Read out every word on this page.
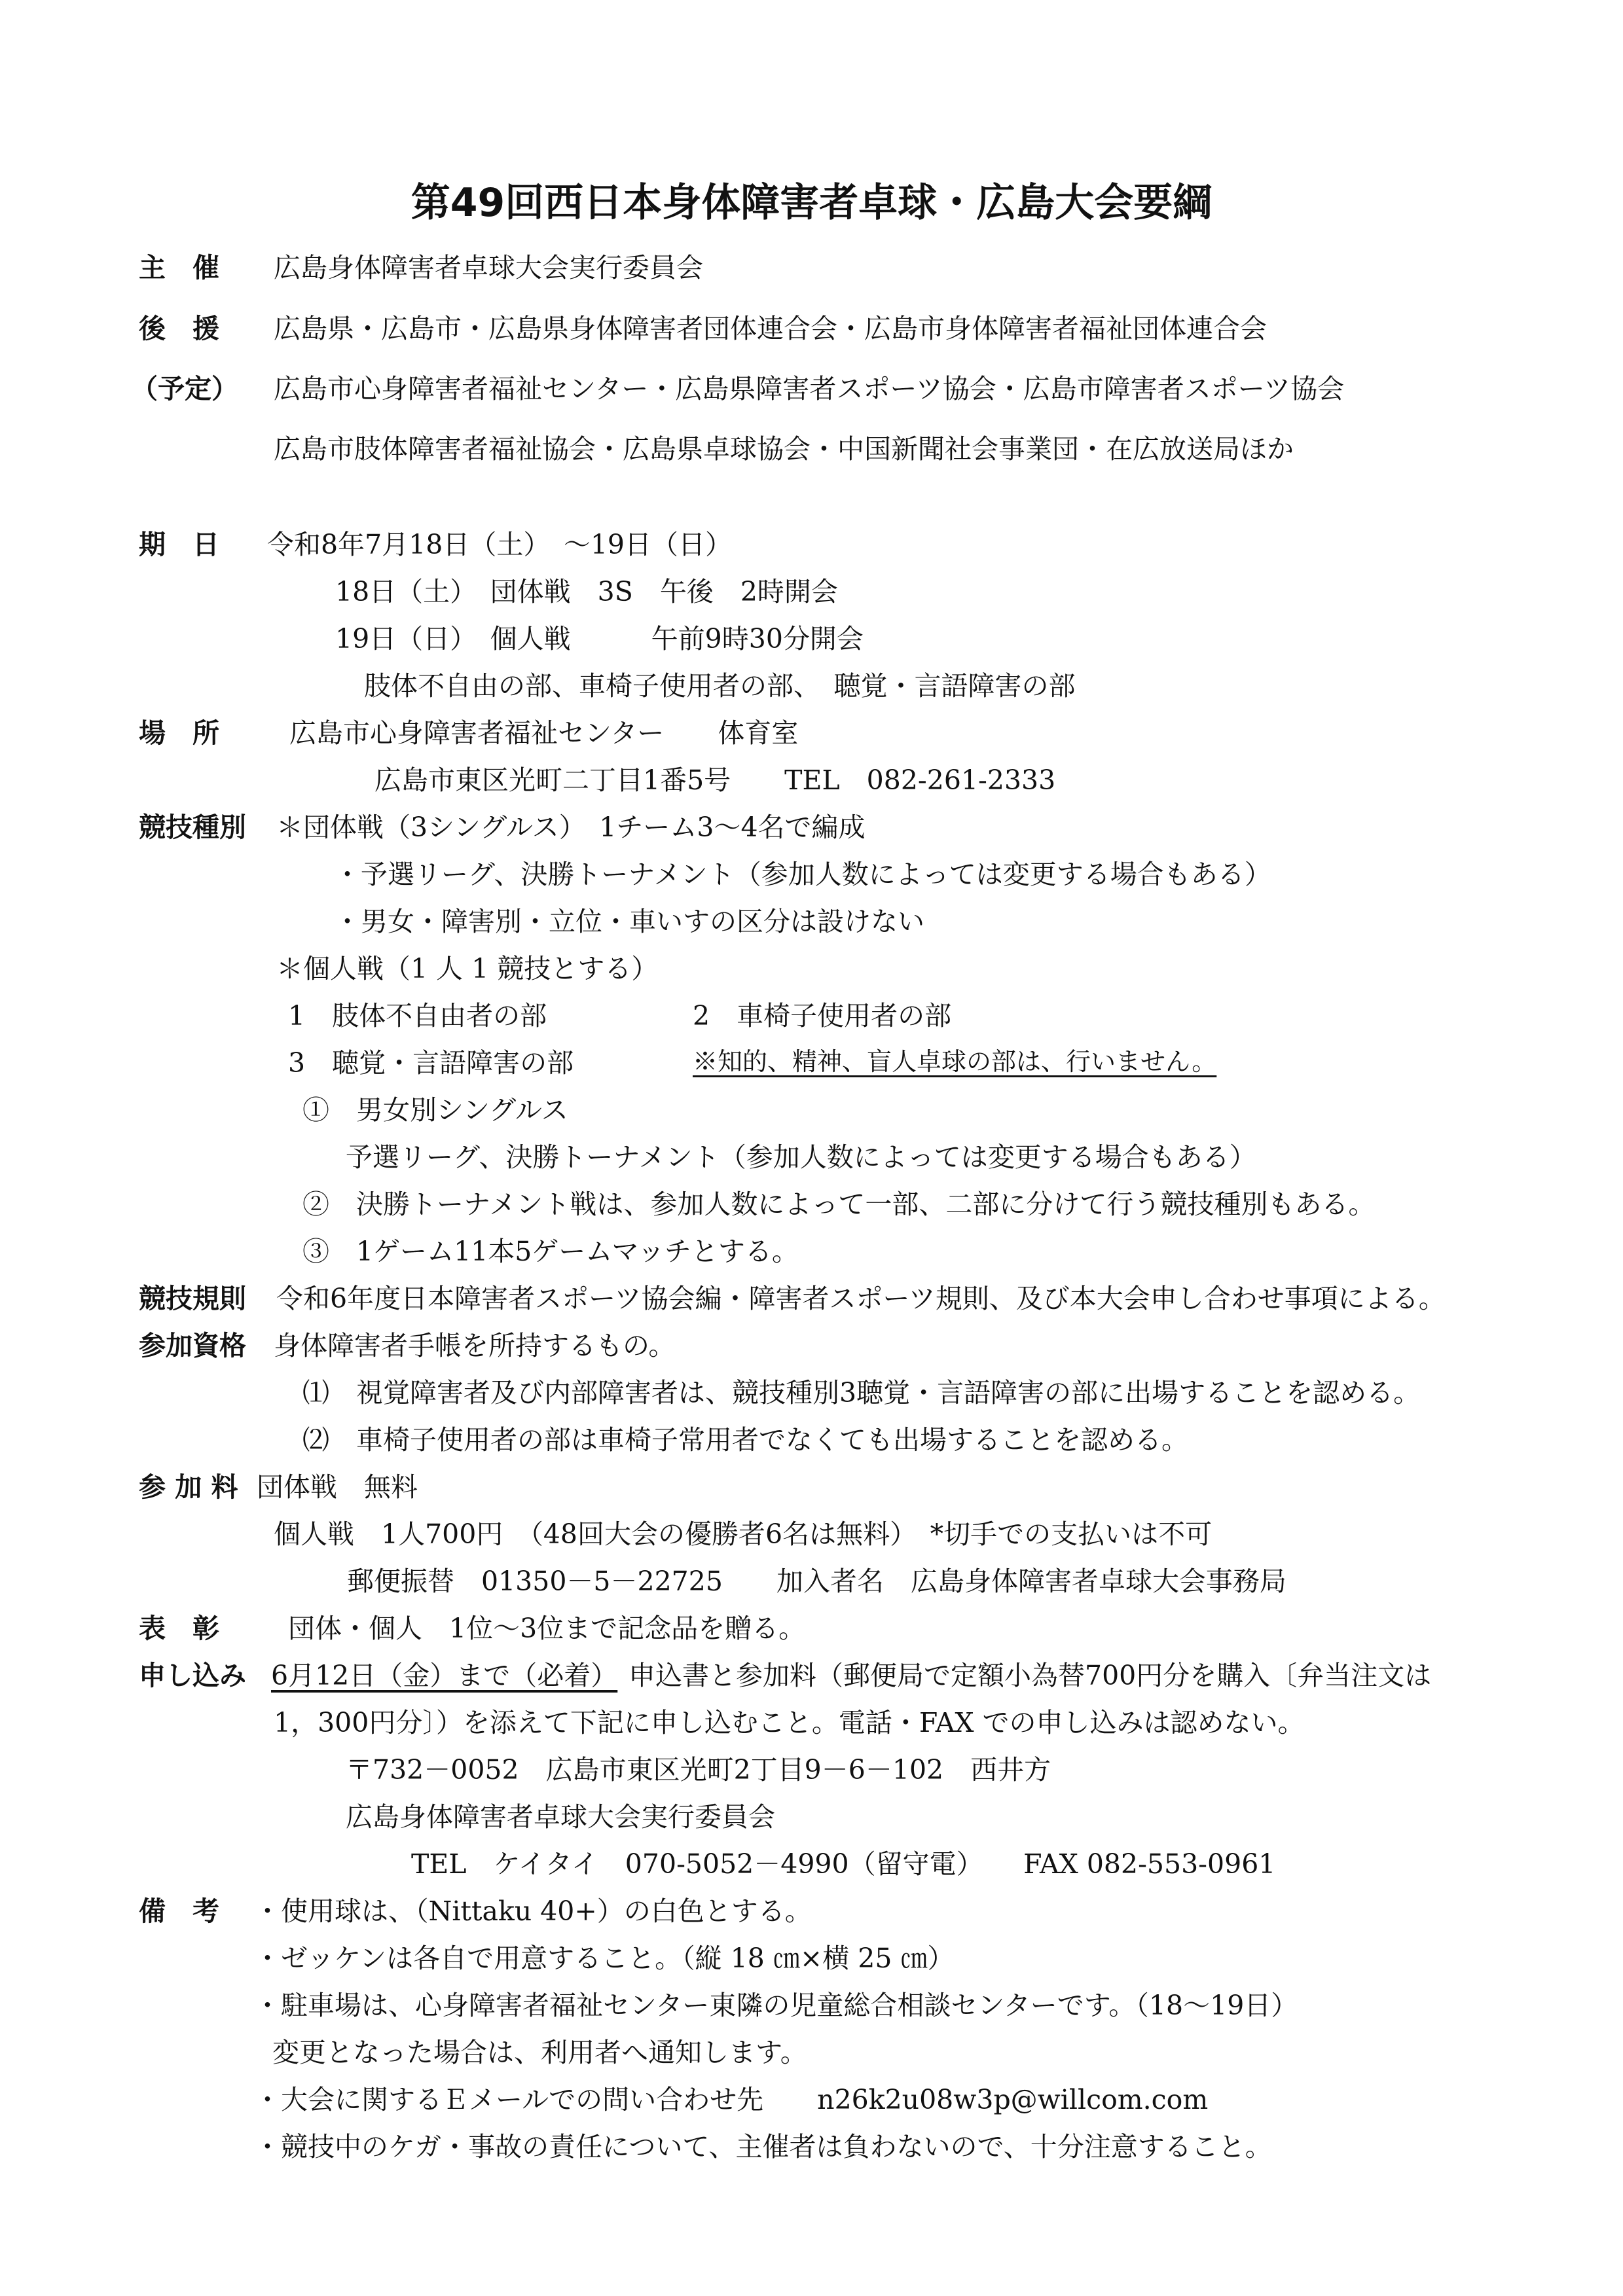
第49回西日本身体障害者卓球・広島大会要綱
主　催 広島身体障害者卓球大会実行委員会
後　援 広島県・広島市・広島県身体障害者団体連合会・広島市身体障害者福祉団体連合会
（予定） 広島市心身障害者福祉センター・広島県障害者スポーツ協会・広島市障害者スポーツ協会
広島市肢体障害者福祉協会・広島県卓球協会・中国新聞社会事業団・在広放送局ほか
期　日 令和8年7月18日（土）　～19日（日）
18日（土）　団体戦　3S　午後　2時開会
19日（日）　個人戦　　　午前9時30分開会
肢体不自由の部、車椅子使用者の部、　聴覚・言語障害の部
場　所	広島市心身障害者福祉センター　　体育室
広島市東区光町二丁目1番5号　　TEL　082-261-2333
競技種別 ＊団体戦（3シングルス）　1チーム3～4名で編成
・予選リーグ、決勝トーナメント（参加人数によっては変更する場合もある）
・男女・障害別・立位・車いすの区分は設けない
＊個人戦（1 人 1 競技とする）
1　肢体不自由者の部	2　車椅子使用者の部
3　聴覚・言語障害の部	※知的、精神、盲人卓球の部は、行いません。
①　男女別シングルス
予選リーグ、決勝トーナメント（参加人数によっては変更する場合もある）
②　決勝トーナメント戦は、参加人数によって一部、二部に分けて行う競技種別もある。
③　1ゲーム11本5ゲームマッチとする。
競技規則 令和6年度日本障害者スポーツ協会編・障害者スポーツ規則、及び本大会申し合わせ事項による。
参加資格 身体障害者手帳を所持するもの。
⑴　視覚障害者及び内部障害者は、競技種別3聴覚・言語障害の部に出場することを認める。
⑵　車椅子使用者の部は車椅子常用者でなくても出場することを認める。
参 加 料 団体戦　無料
個人戦　1人700円　（48回大会の優勝者6名は無料）　*切手での支払いは不可
郵便振替　01350－5－22725　　加入者名　広島身体障害者卓球大会事務局
表　彰	団体・個人　1位～3位まで記念品を贈る。
申し込み 6月12日（金）まで（必着） 申込書と参加料（郵便局で定額小為替700円分を購入〔弁当注文は
1，300円分〕）を添えて下記に申し込むこと。電話・FAX での申し込みは認めない。
〒732－0052　広島市東区光町2丁目9－6－102　西井方
広島身体障害者卓球大会実行委員会
TEL　ケイタイ　070-5052－4990（留守電）　　FAX 082-553-0961
備　考 ・使用球は、（Nittaku 40+）の白色とする。
・ゼッケンは各自で用意すること。（縦 18 ㎝×横 25 ㎝）
・駐車場は、心身障害者福祉センター東隣の児童総合相談センターです。（18～19日）
変更となった場合は、利用者へ通知します。
・大会に関するＥメールでの問い合わせ先　　n26k2u08w3p@willcom.com
・競技中のケガ・事故の責任について、主催者は負わないので、十分注意すること。
